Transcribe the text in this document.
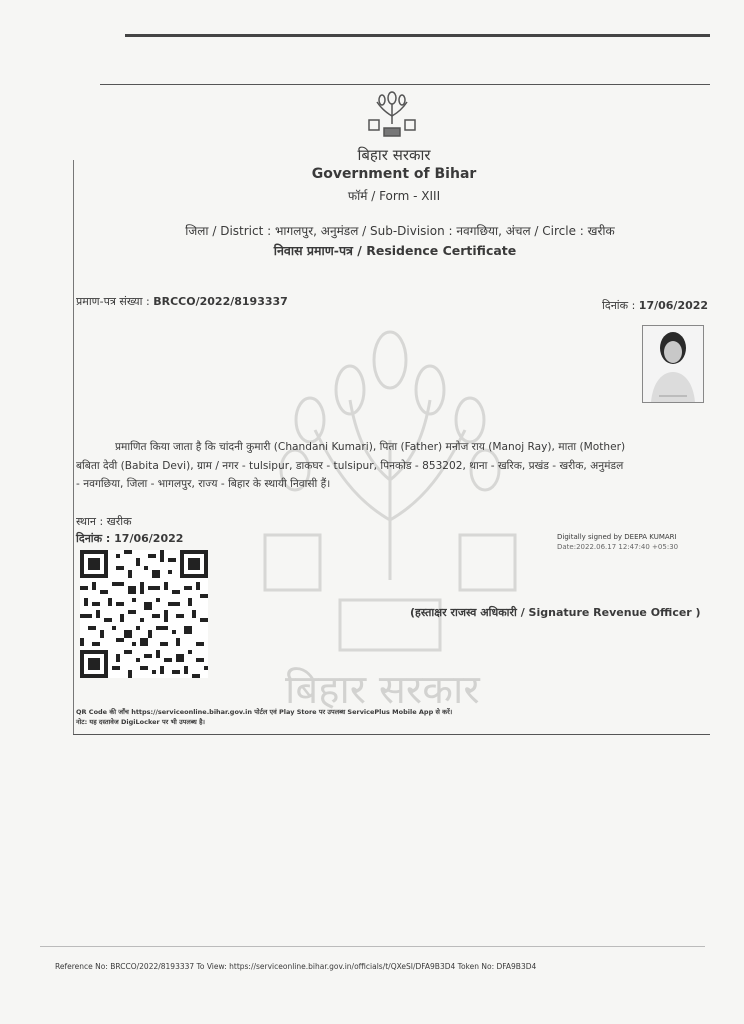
बिहार सरकार
बिहार सरकार
Government of Bihar
फॉर्म / Form - XIII
जिला / District : भागलपुर, अनुमंडल / Sub-Division : नवगछिया, अंचल / Circle : खरीक
निवास प्रमाण-पत्र / Residence Certificate
प्रमाण-पत्र संख्या : BRCCO/2022/8193337	दिनांक : 17/06/2022
प्रमाणित किया जाता है कि चांदनी कुमारी (Chandani Kumari), पिता (Father) मनोज राय (Manoj Ray), माता (Mother)
बबिता देवी (Babita Devi), ग्राम / नगर - tulsipur, डाकघर - tulsipur, पिनकोड - 853202, थाना - खरिक, प्रखंड - खरीक, अनुमंडल
- नवगछिया, जिला - भागलपुर, राज्य - बिहार के स्थायी निवासी हैं।
स्थान : खरीक
दिनांक : 17/06/2022	Digitally signed by DEEPA KUMARI
Date:2022.06.17 12:47:40 +05:30
(हस्ताक्षर राजस्व अधिकारी / Signature Revenue Officer )
QR Code की जाँच https://serviceonline.bihar.gov.in पोर्टल एवं Play Store पर उपलब्ध ServicePlus Mobile App से करें।
नोट: यह दस्तावेज DigiLocker पर भी उपलब्ध है।
Reference No: BRCCO/2022/8193337 To View: https://serviceonline.bihar.gov.in/officials/t/QXeSI/DFA9B3D4 Token No: DFA9B3D4
